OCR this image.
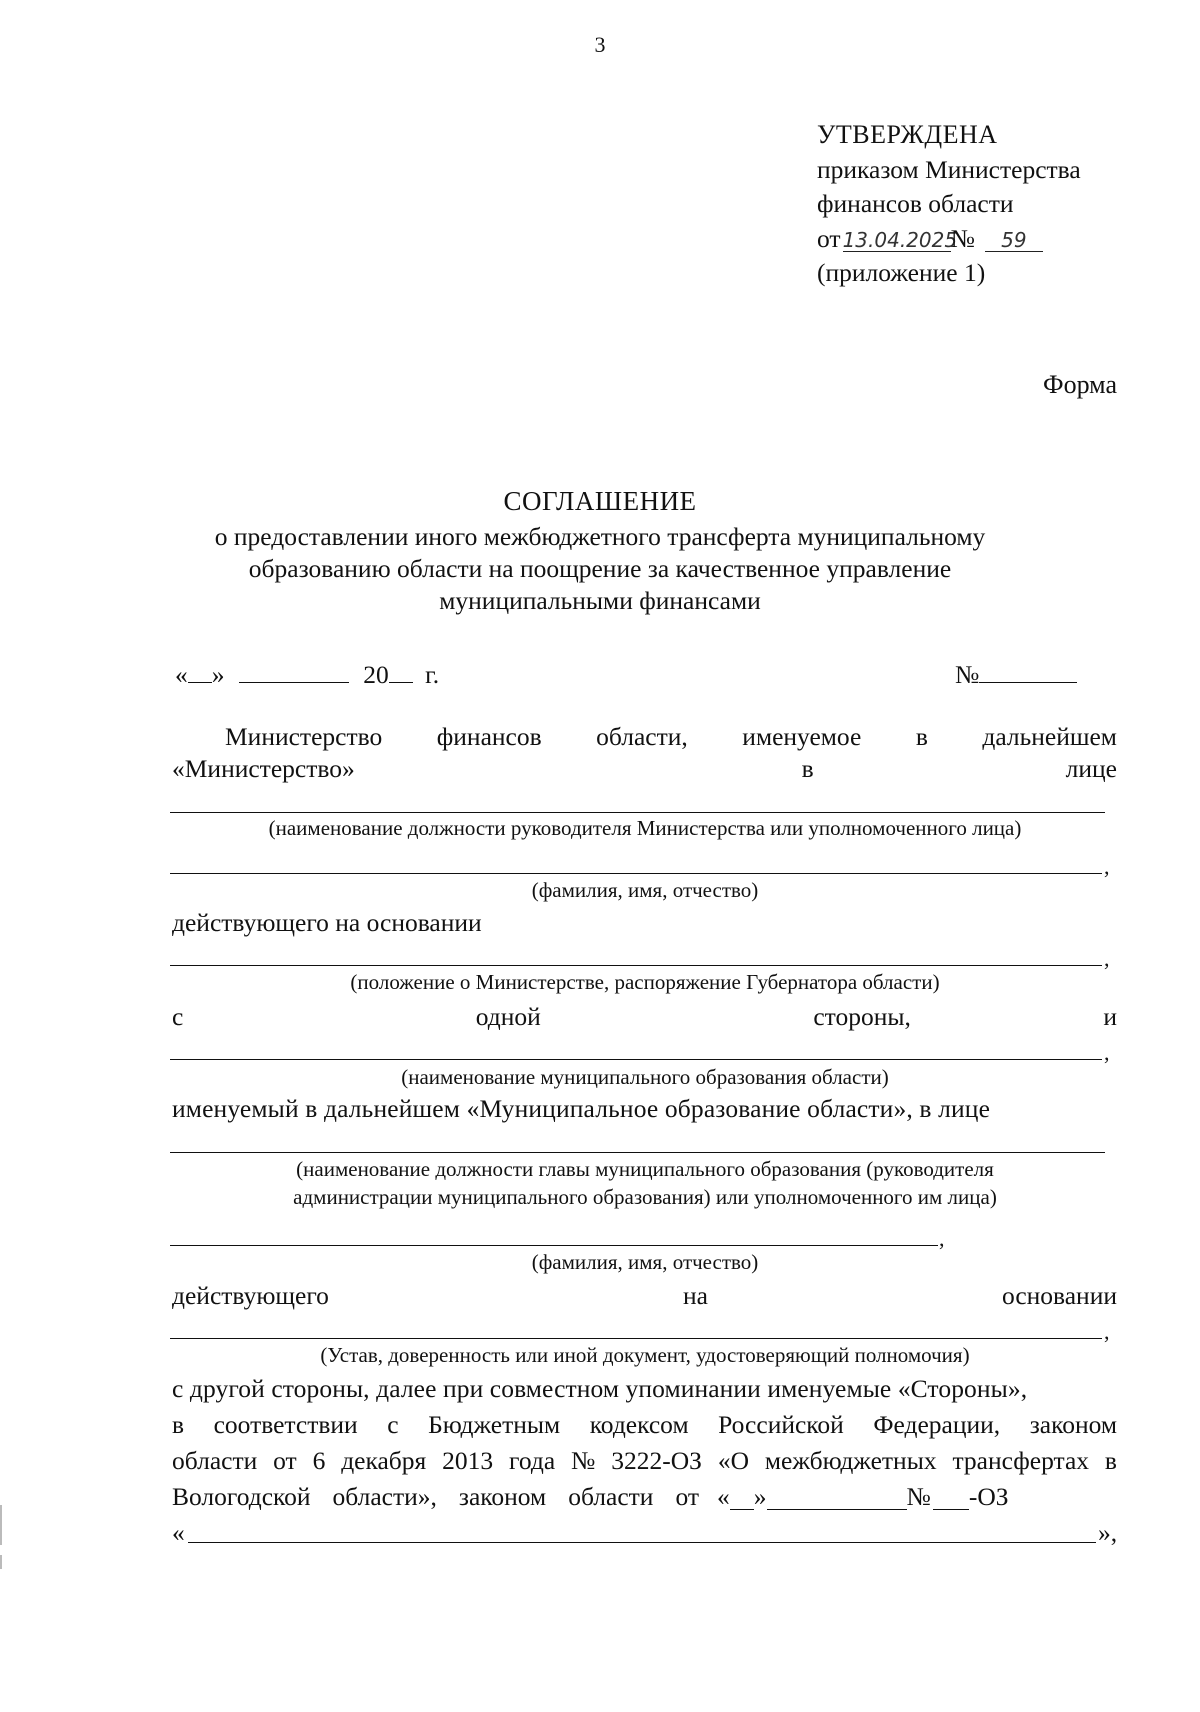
3
УТВЕРЖДЕНА
приказом Министерства
финансов области
от 13.04.2025№ 59
(приложение 1)
Форма
СОГЛАШЕНИЕ
о предоставлении иного межбюджетного трансферта муниципальному
образованию области на поощрение за качественное управление
муниципальными финансами
« »	20 г.	№
Министерство финансов области, именуемое в дальнейшем
«Министерство»	в	лице
(наименование должности руководителя Министерства или уполномоченного лица)
,
(фамилия, имя, отчество)
действующего на основании
,
(положение о Министерстве, распоряжение Губернатора области)
с	одной	стороны,	и
,
(наименование муниципального образования области)
именуемый в дальнейшем «Муниципальное образование области», в лице
(наименование должности главы муниципального образования (руководителя
администрации муниципального образования) или уполномоченного им лица)
,
(фамилия, имя, отчество)
действующего	на	основании
,
(Устав, доверенность или иной документ, удостоверяющий полномочия)
с другой стороны, далее при совместном упоминании именуемые «Стороны»,
в соответствии с Бюджетным кодексом Российской Федерации, законом
области от 6 декабря 2013 года № 3222-ОЗ «О межбюджетных трансфертах в
Вологодской области», законом области от « »	№ -ОЗ
«	»,
